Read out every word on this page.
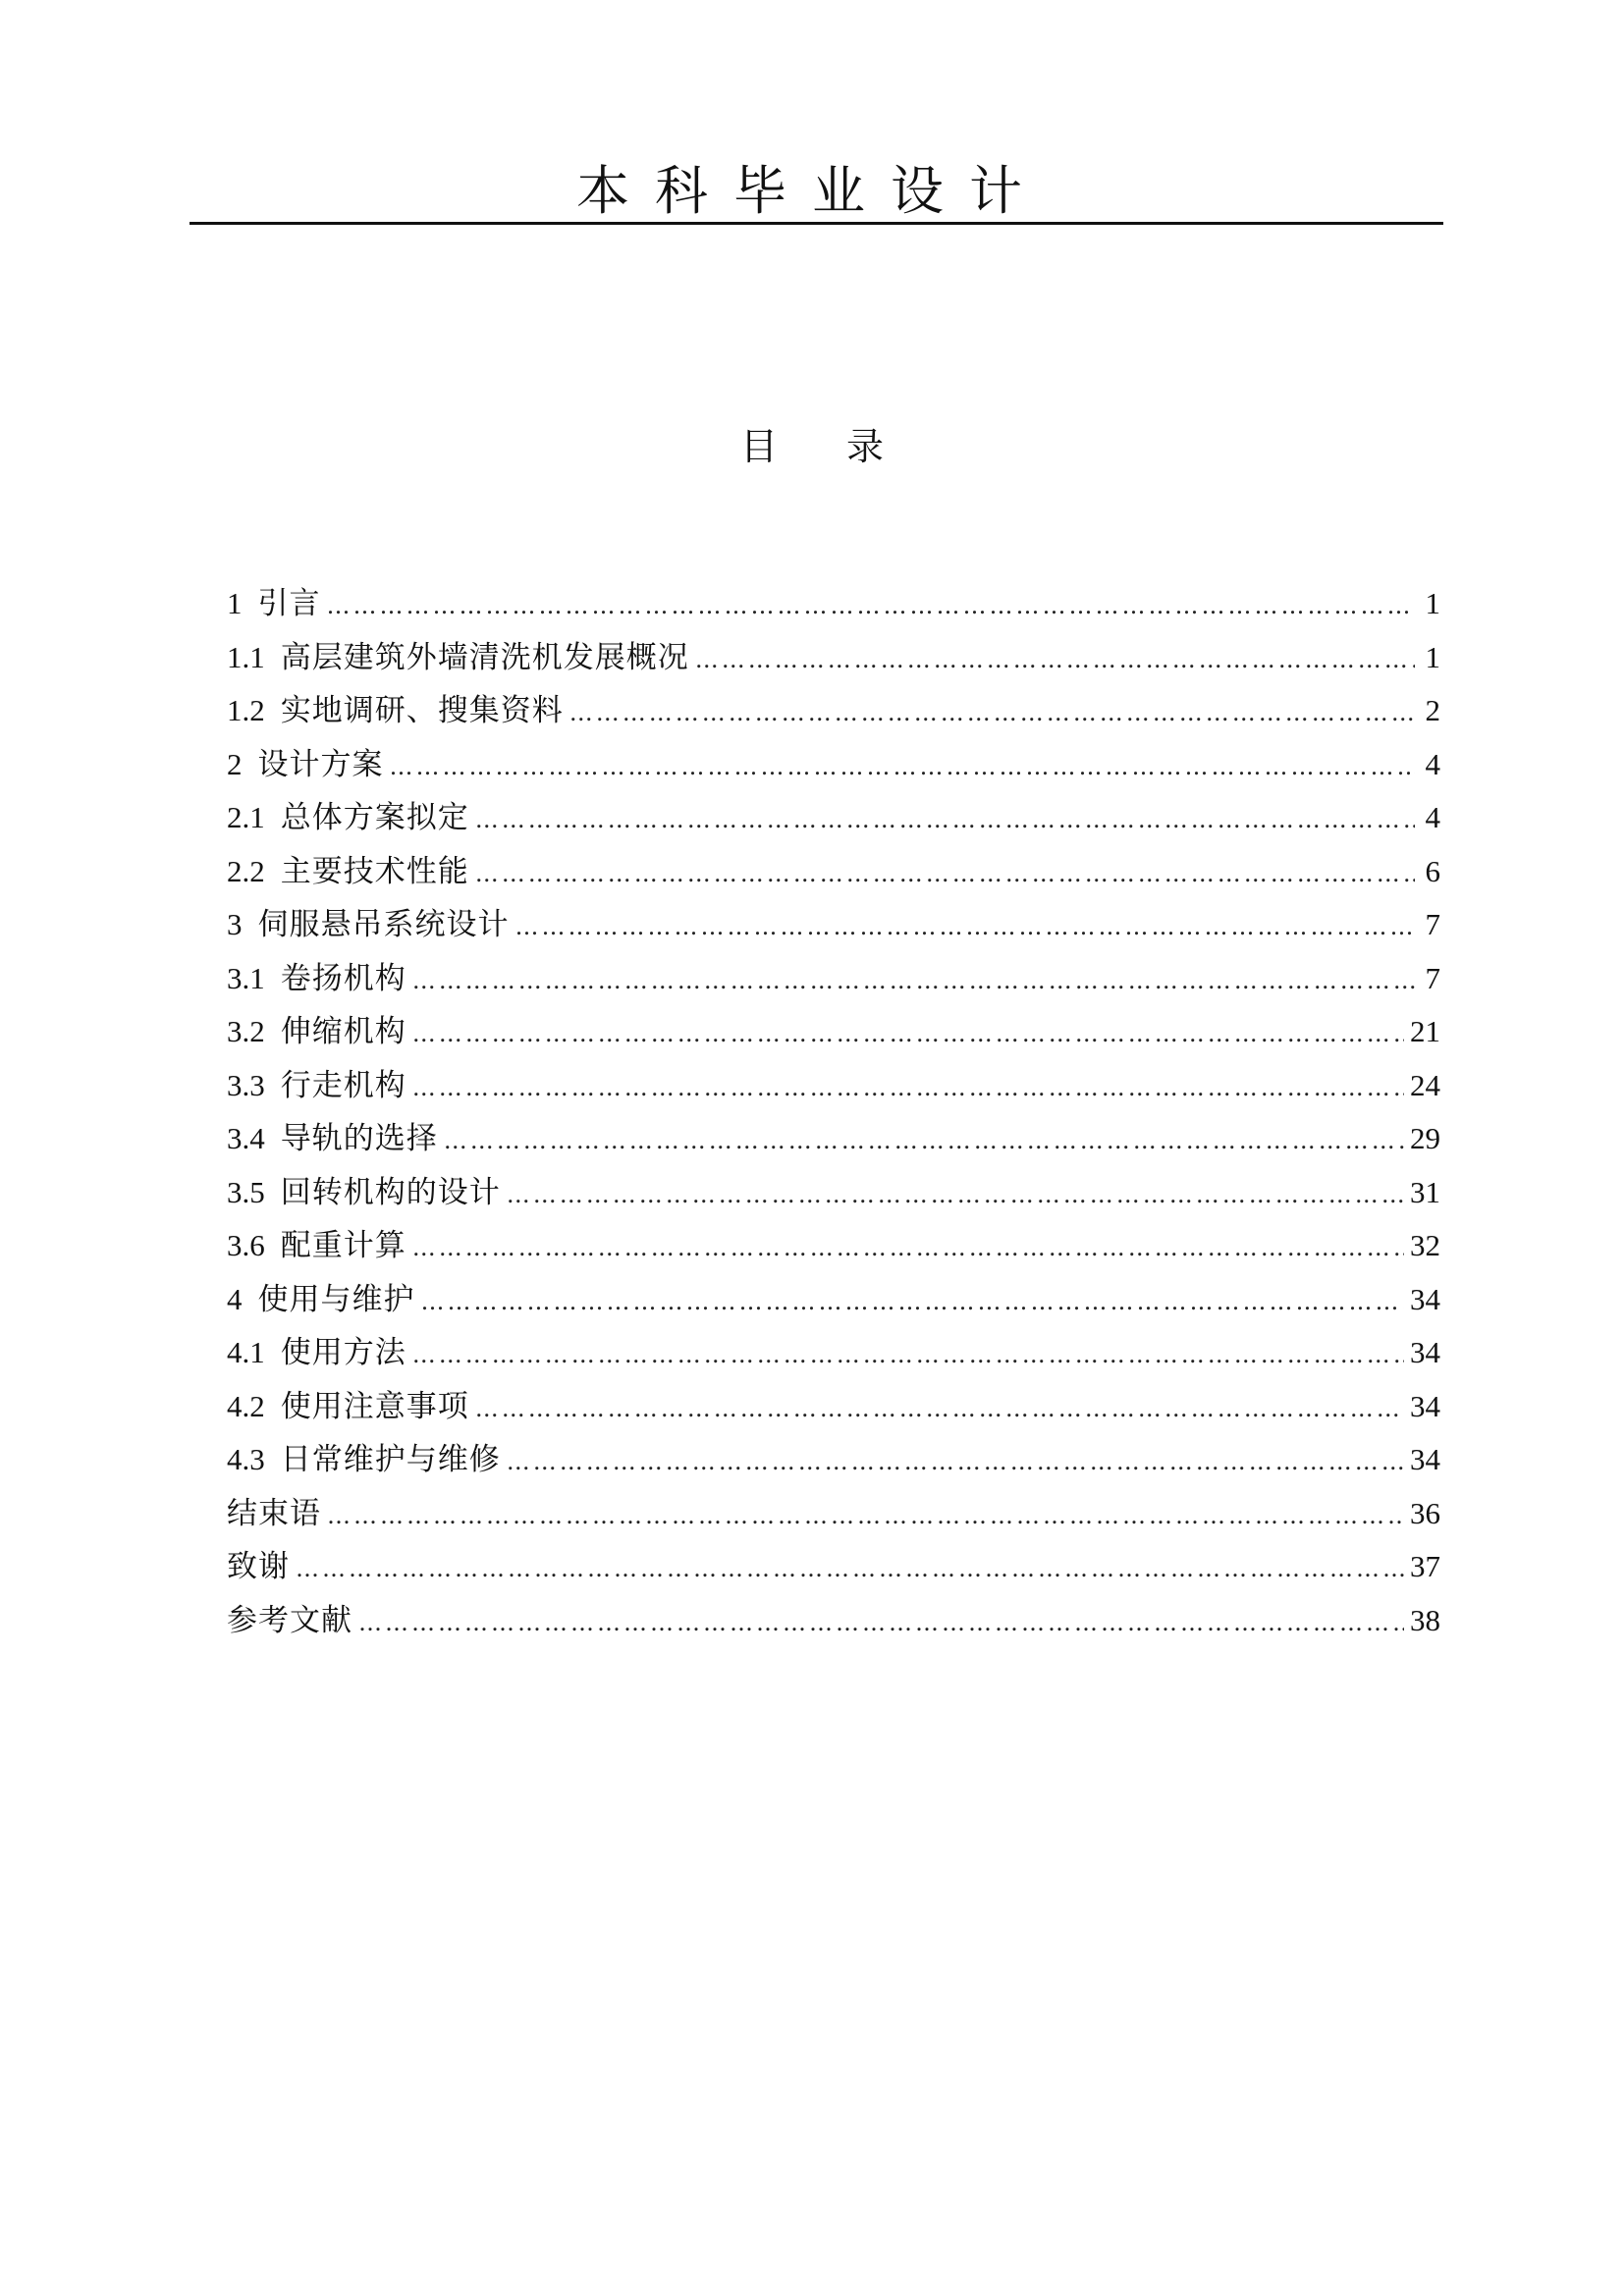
本科毕业设计
目 录
1 引言 ……………………………………………………………………………………………………………………………………………………………………………………………………………………	1
1.1 高层建筑外墙清洗机发展概况 ……………………………………………………………………………………………………………………………………………………………………………………………………………………	1
1.2 实地调研、搜集资料 ……………………………………………………………………………………………………………………………………………………………………………………………………………………	2
2 设计方案 ……………………………………………………………………………………………………………………………………………………………………………………………………………………	4
2.1 总体方案拟定 ……………………………………………………………………………………………………………………………………………………………………………………………………………………	4
2.2 主要技术性能 ……………………………………………………………………………………………………………………………………………………………………………………………………………………	6
3 伺服悬吊系统设计 ……………………………………………………………………………………………………………………………………………………………………………………………………………………	7
3.1 卷扬机构 ……………………………………………………………………………………………………………………………………………………………………………………………………………………	7
3.2 伸缩机构 ……………………………………………………………………………………………………………………………………………………………………………………………………………………	21
3.3 行走机构 ……………………………………………………………………………………………………………………………………………………………………………………………………………………	24
3.4 导轨的选择 ……………………………………………………………………………………………………………………………………………………………………………………………………………………	29
3.5 回转机构的设计 ……………………………………………………………………………………………………………………………………………………………………………………………………………………	31
3.6 配重计算 ……………………………………………………………………………………………………………………………………………………………………………………………………………………	32
4 使用与维护 ……………………………………………………………………………………………………………………………………………………………………………………………………………………	34
4.1 使用方法 ……………………………………………………………………………………………………………………………………………………………………………………………………………………	34
4.2 使用注意事项 ……………………………………………………………………………………………………………………………………………………………………………………………………………………	34
4.3 日常维护与维修 ……………………………………………………………………………………………………………………………………………………………………………………………………………………	34
结束语 ……………………………………………………………………………………………………………………………………………………………………………………………………………………	36
致谢 ……………………………………………………………………………………………………………………………………………………………………………………………………………………	37
参考文献 ……………………………………………………………………………………………………………………………………………………………………………………………………………………	38
